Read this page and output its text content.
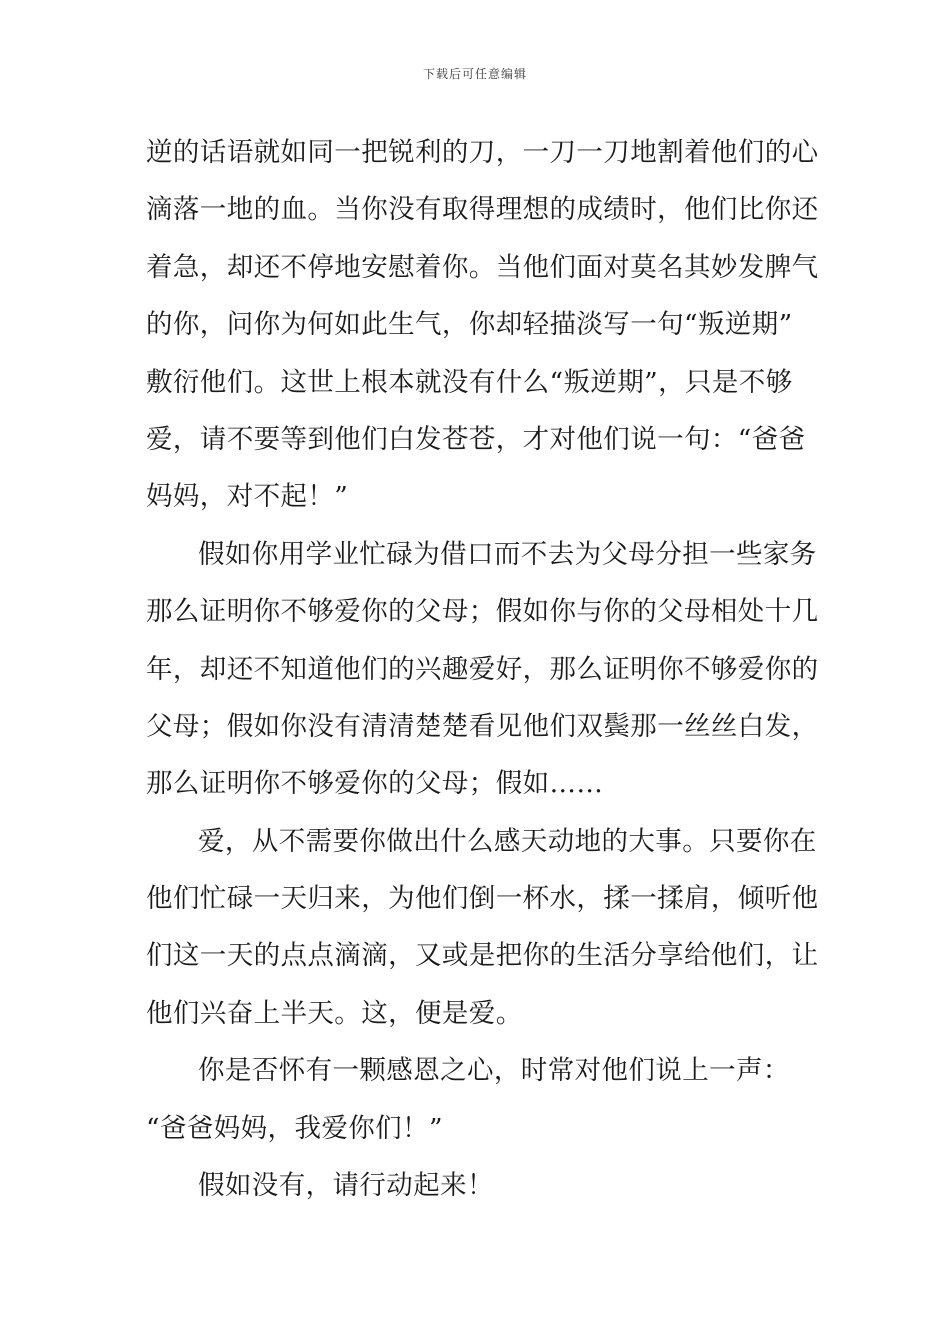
下载后可任意编辑
逆的话语就如同一把锐利的刀，一刀一刀地割着他们的心
滴落一地的血。当你没有取得理想的成绩时，他们比你还
着急，却还不停地安慰着你。当他们面对莫名其妙发脾气
的你，问你为何如此生气，你却轻描淡写一句“叛逆期”
敷衍他们。这世上根本就没有什么“叛逆期”，只是不够
爱，请不要等到他们白发苍苍，才对他们说一句：“爸爸
妈妈，对不起！”
假如你用学业忙碌为借口而不去为父母分担一些家务
那么证明你不够爱你的父母；假如你与你的父母相处十几
年，却还不知道他们的兴趣爱好，那么证明你不够爱你的
父母；假如你没有清清楚楚看见他们双鬓那一丝丝白发，
那么证明你不够爱你的父母；假如……
爱，从不需要你做出什么感天动地的大事。只要你在
他们忙碌一天归来，为他们倒一杯水，揉一揉肩，倾听他
们这一天的点点滴滴，又或是把你的生活分享给他们，让
他们兴奋上半天。这，便是爱。
你是否怀有一颗感恩之心，时常对他们说上一声：
“爸爸妈妈，我爱你们！”
假如没有，请行动起来！
